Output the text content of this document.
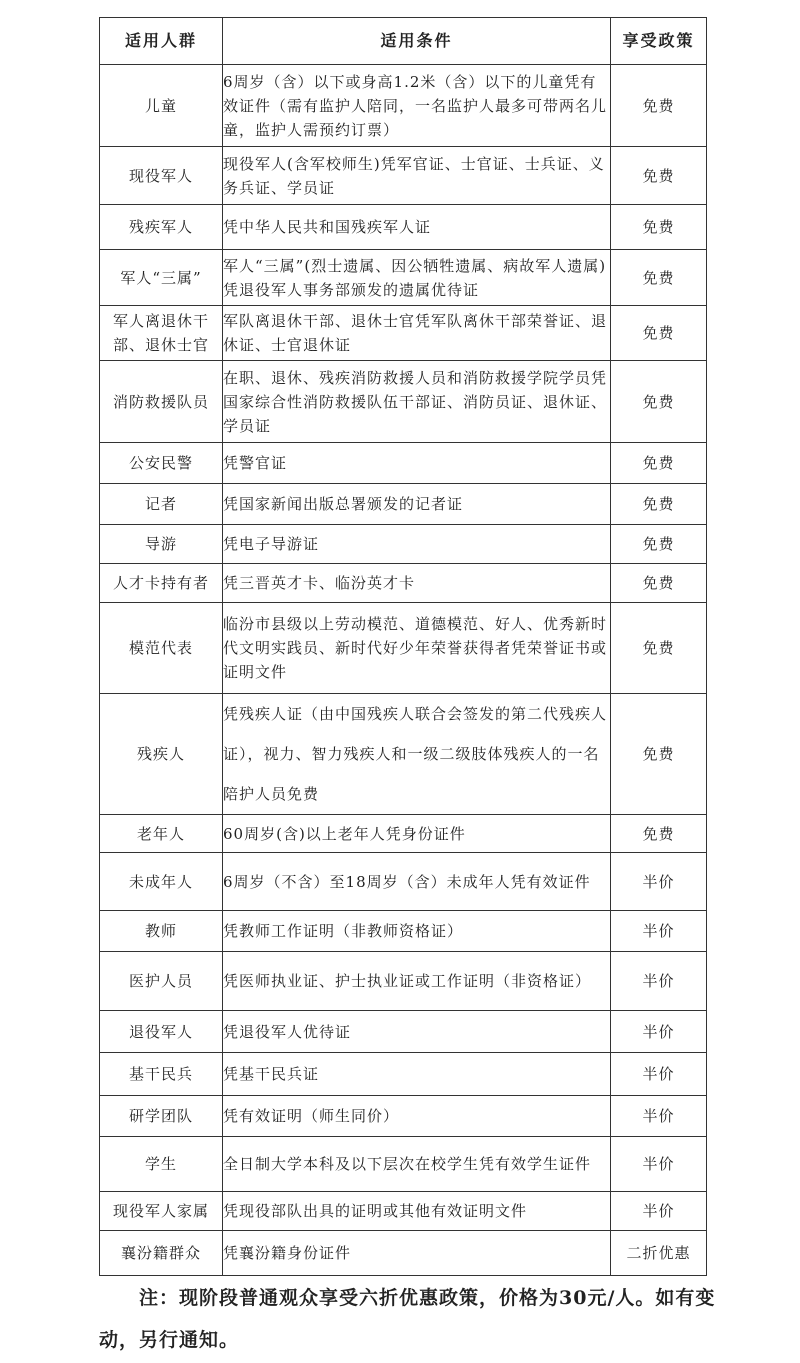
适用人群	适用条件	享受政策
儿童	6周岁（含）以下或身高1.2米（含）以下的儿童凭有效证件（需有监护人陪同，一名监护人最多可带两名儿童，监护人需预约订票）	免费
现役军人	现役军人(含军校师生)凭军官证、士官证、士兵证、义务兵证、学员证	免费
残疾军人	凭中华人民共和国残疾军人证	免费
军人“三属”	军人“三属”(烈士遗属、因公牺牲遗属、病故军人遗属)凭退役军人事务部颁发的遗属优待证	免费
军人离退休干部、退休士官	军队离退休干部、退休士官凭军队离休干部荣誉证、退休证、士官退休证	免费
消防救援队员	在职、退休、残疾消防救援人员和消防救援学院学员凭国家综合性消防救援队伍干部证、消防员证、退休证、学员证	免费
公安民警	凭警官证	免费
记者	凭国家新闻出版总署颁发的记者证	免费
导游	凭电子导游证	免费
人才卡持有者	凭三晋英才卡、临汾英才卡	免费
模范代表	临汾市县级以上劳动模范、道德模范、好人、优秀新时代文明实践员、新时代好少年荣誉获得者凭荣誉证书或证明文件	免费
残疾人	凭残疾人证（由中国残疾人联合会签发的第二代残疾人证），视力、智力残疾人和一级二级肢体残疾人的一名陪护人员免费	免费
老年人	60周岁(含)以上老年人凭身份证件	免费
未成年人	6周岁（不含）至18周岁（含）未成年人凭有效证件	半价
教师	凭教师工作证明（非教师资格证）	半价
医护人员	凭医师执业证、护士执业证或工作证明（非资格证）	半价
退役军人	凭退役军人优待证	半价
基干民兵	凭基干民兵证	半价
研学团队	凭有效证明（师生同价）	半价
学生	全日制大学本科及以下层次在校学生凭有效学生证件	半价
现役军人家属	凭现役部队出具的证明或其他有效证明文件	半价
襄汾籍群众	凭襄汾籍身份证件	二折优惠
注：现阶段普通观众享受六折优惠政策，价格为30元/人。如有变动，另行通知。
